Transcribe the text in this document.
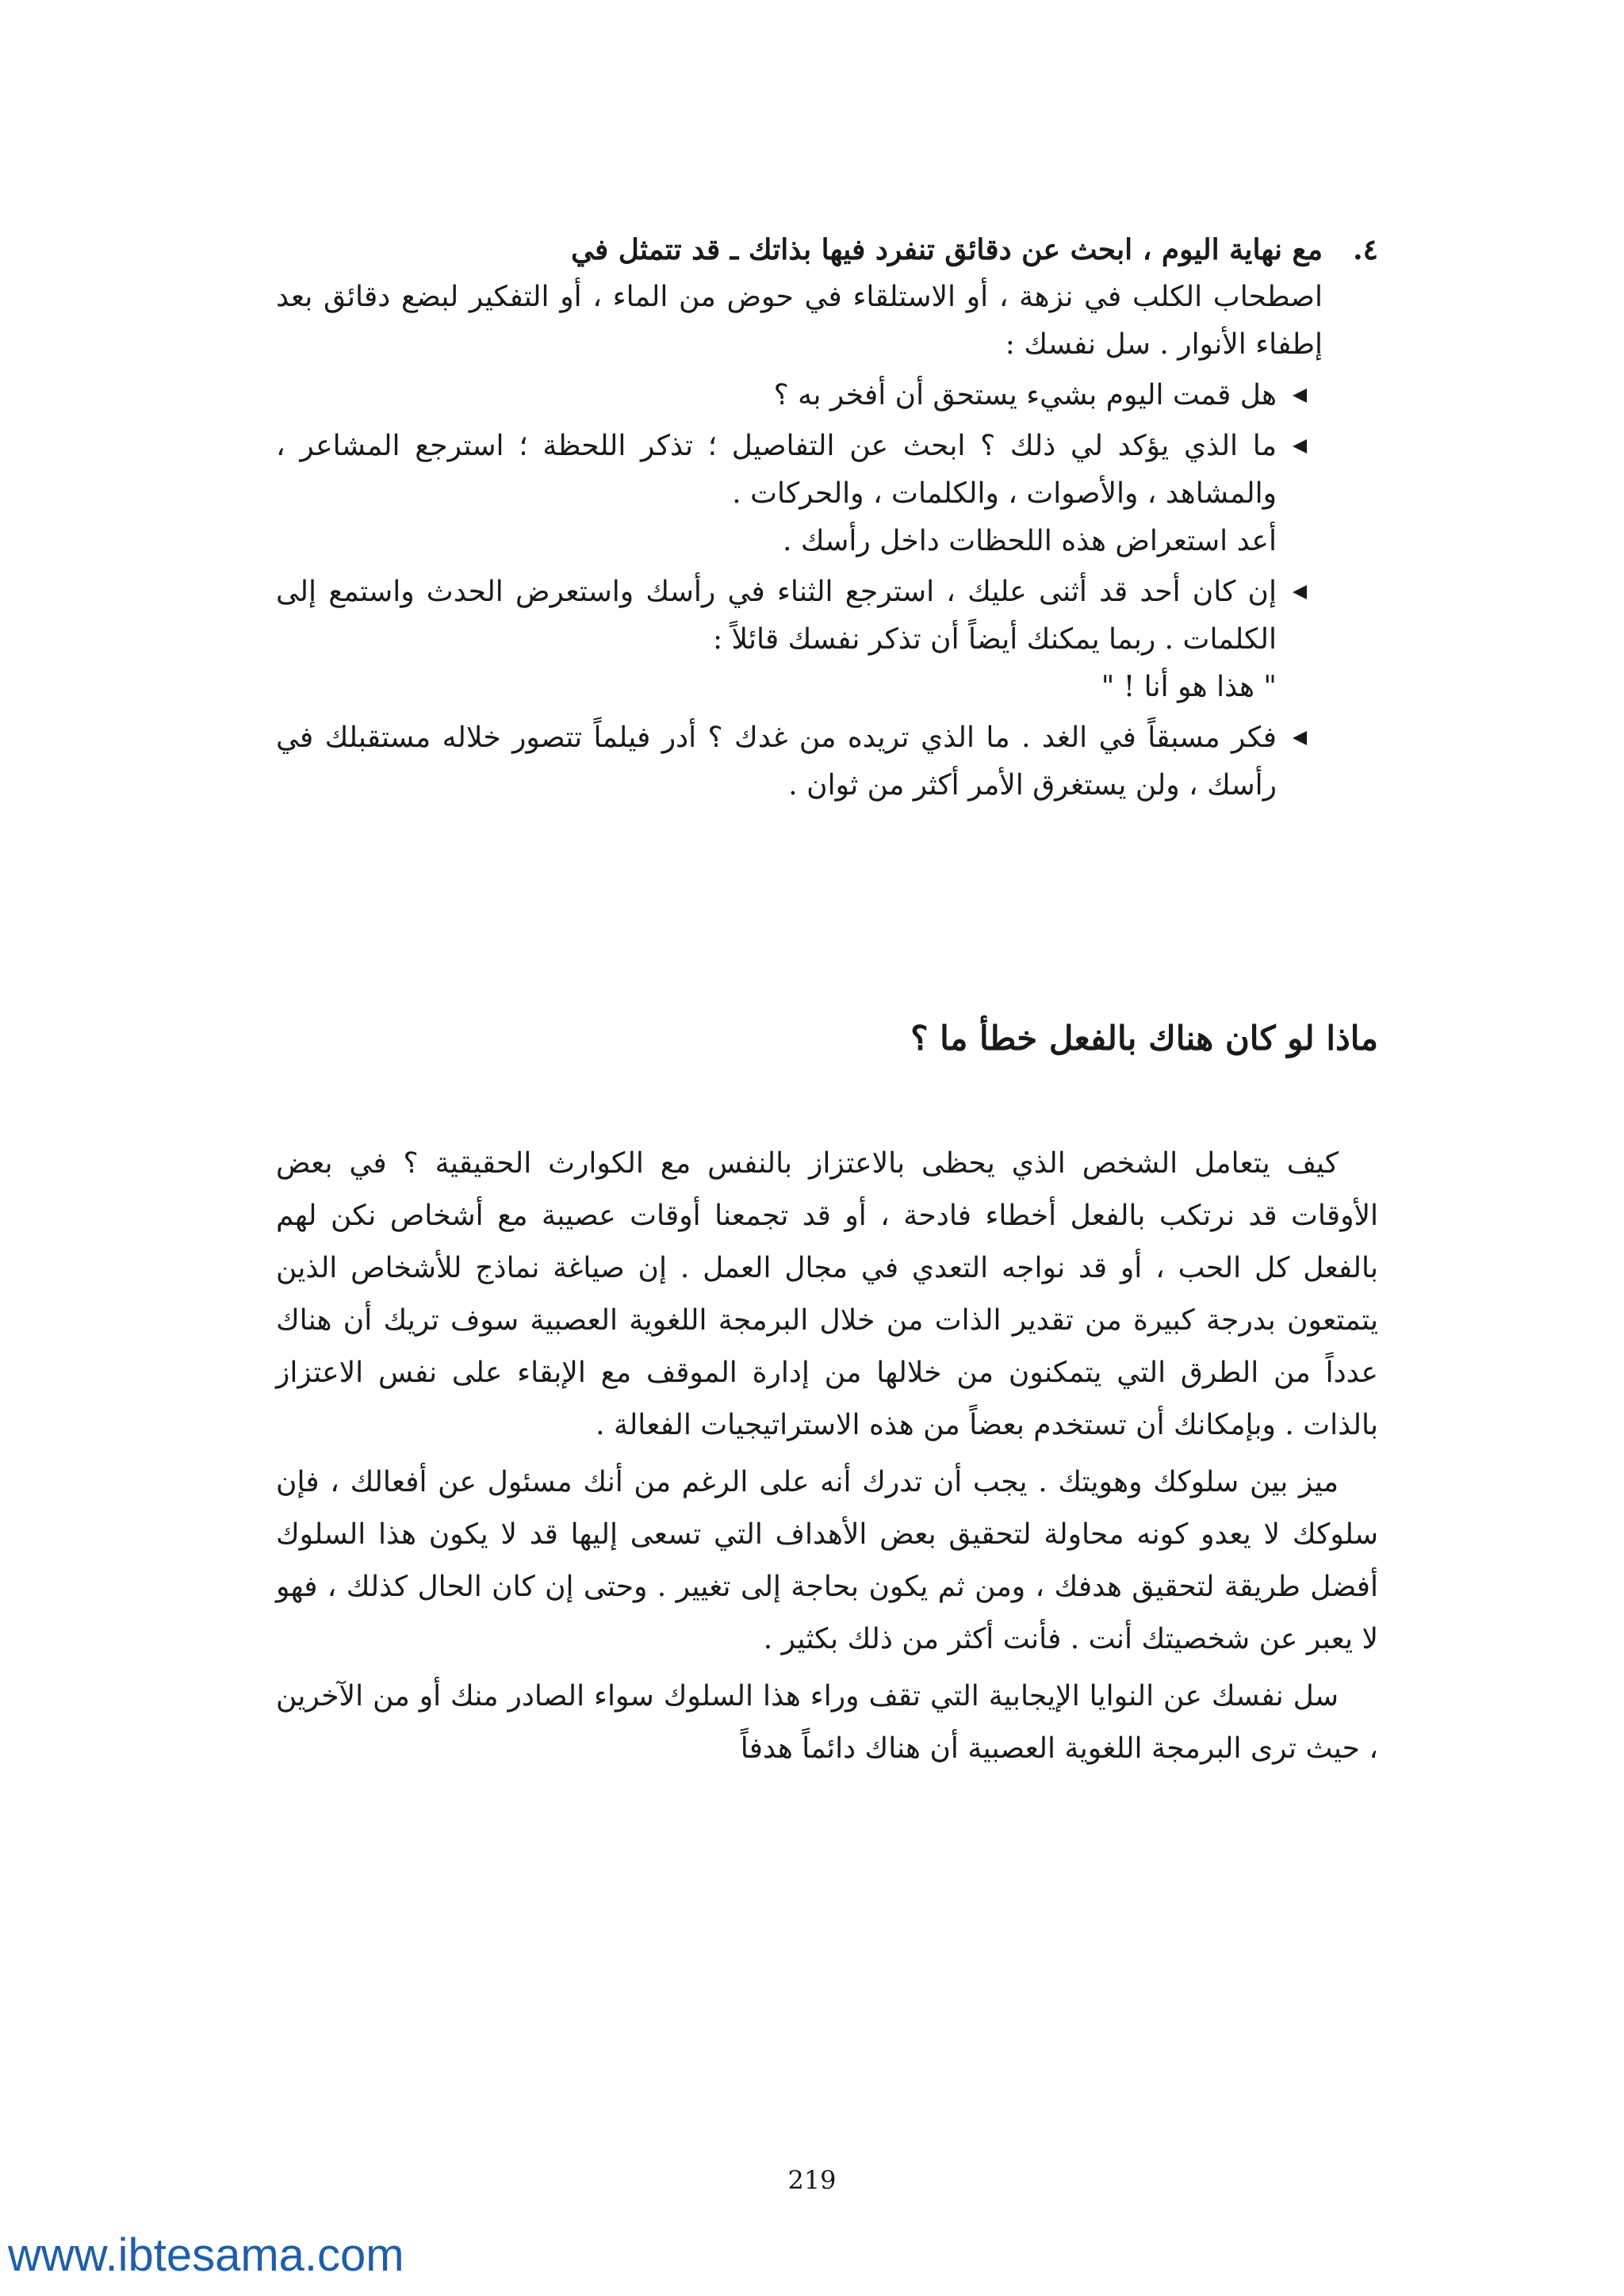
٤.
مع نهاية اليوم ، ابحث عن دقائق تنفرد فيها بذاتك ـ قد تتمثل في
اصطحاب الكلب في نزهة ، أو الاستلقاء في حوض من الماء ، أو التفكير لبضع دقائق بعد إطفاء الأنوار . سل نفسك :
هل قمت اليوم بشيء يستحق أن أفخر به ؟
ما الذي يؤكد لي ذلك ؟ ابحث عن التفاصيل ؛ تذكر اللحظة ؛ استرجع المشاعر ، والمشاهد ، والأصوات ، والكلمات ، والحركات .
أعد استعراض هذه اللحظات داخل رأسك .
إن كان أحد قد أثنى عليك ، استرجع الثناء في رأسك واستعرض الحدث واستمع إلى الكلمات . ربما يمكنك أيضاً أن تذكر نفسك قائلاً :
" هذا هو أنا ! "
فكر مسبقاً في الغد . ما الذي تريده من غدك ؟ أدر فيلماً تتصور خلاله مستقبلك في رأسك ، ولن يستغرق الأمر أكثر من ثوان .
ماذا لو كان هناك بالفعل خطأ ما ؟

كيف يتعامل الشخص الذي يحظى بالاعتزاز بالنفس مع الكوارث الحقيقية ؟ في بعض الأوقات قد نرتكب بالفعل أخطاء فادحة ، أو قد تجمعنا أوقات عصيبة مع أشخاص نكن لهم بالفعل كل الحب ، أو قد نواجه التعدي في مجال العمل . إن صياغة نماذج للأشخاص الذين يتمتعون بدرجة كبيرة من تقدير الذات من خلال البرمجة اللغوية العصبية سوف تريك أن هناك عدداً من الطرق التي يتمكنون من خلالها من إدارة الموقف مع الإبقاء على نفس الاعتزاز بالذات . وبإمكانك أن تستخدم بعضاً من هذه الاستراتيجيات الفعالة .

ميز بين سلوكك وهويتك . يجب أن تدرك أنه على الرغم من أنك مسئول عن أفعالك ، فإن سلوكك لا يعدو كونه محاولة لتحقيق بعض الأهداف التي تسعى إليها قد لا يكون هذا السلوك أفضل طريقة لتحقيق هدفك ، ومن ثم يكون بحاجة إلى تغيير . وحتى إن كان الحال كذلك ، فهو لا يعبر عن شخصيتك أنت . فأنت أكثر من ذلك بكثير .

سل نفسك عن النوايا الإيجابية التي تقف وراء هذا السلوك سواء الصادر منك أو من الآخرين ، حيث ترى البرمجة اللغوية العصبية أن هناك دائماً هدفاً

219
www.ibtesama.com
